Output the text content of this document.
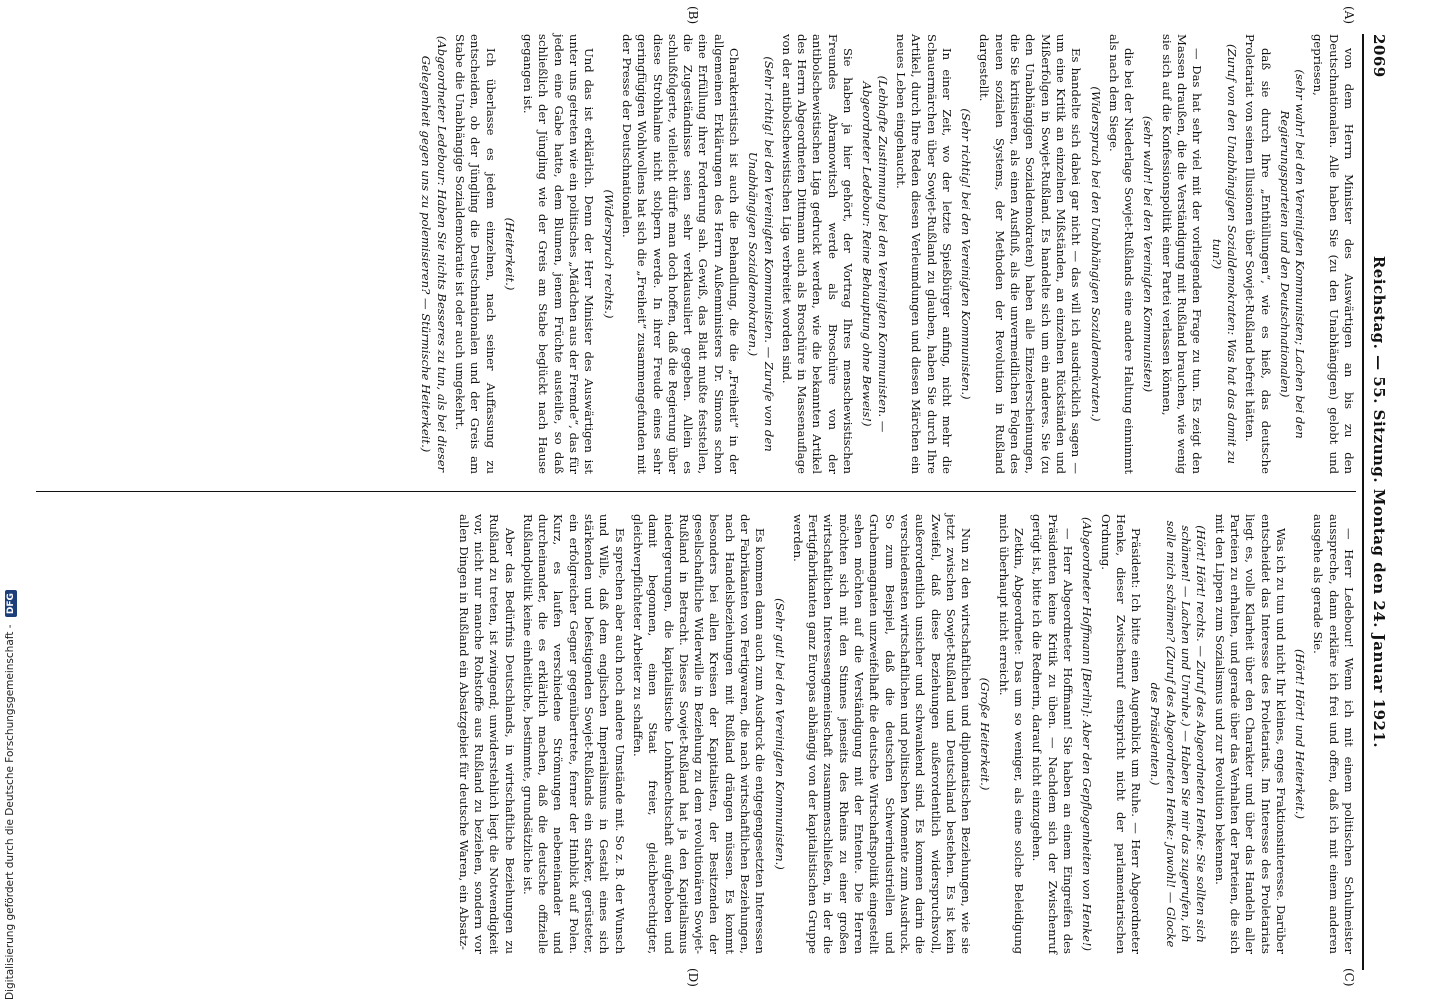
Reichstag. — 55. Sitzung. Montag den 24. Januar 1921.
2069
(A)
(B)
(C)
(D)

von dem Herrn Minister des Auswärtigen an bis zu den Deutschnationalen. Alle haben Sie (zu den Unabhängigen) gelobt und gepriesen,

(sehr wahr! bei den Vereinigten Kommunisten; Lachen bei den Regierungsparteien und den Deutschnationalen)

daß sie durch Ihre „Enthüllungen“, wie es hieß, das deutsche Proletariat von seinen Illusionen über Sowjet-Rußland befreit hätten.

(Zuruf von den Unabhängigen Sozialdemokraten: Was hat das damit zu tun?)

— Das hat sehr viel mit der vorliegenden Frage zu tun. Es zeigt den Massen draußen, die die Verständigung mit Rußland brauchen, wie wenig sie sich auf die Konfessionspolitik einer Partei verlassen können,

(sehr wahr! bei den Vereinigten Kommunisten)

die bei der Niederlage Sowjet-Rußlands eine andere Haltung einnimmt als nach dem Siege.

(Widerspruch bei den Unabhängigen Sozialdemokraten.)

Es handelte sich dabei gar nicht — das will ich ausdrücklich sagen — um eine Kritik an einzelnen Mißständen, an einzelnen Rückständen und Mißerfolgen in Sowjet-Rußland. Es handelte sich um ein anderes. Sie (zu den Unabhängigen Sozialdemokraten) haben alle Einzelerscheinungen, die Sie kritisieren, als einen Ausfluß, als die unvermeidlichen Folgen des neuen sozialen Systems, der Methoden der Revolution in Rußland dargestellt.

(Sehr richtig! bei den Vereinigten Kommunisten.)

In einer Zeit, wo der letzte Spießbürger anfing, nicht mehr die Schauermärchen über Sowjet-Rußland zu glauben, haben Sie durch Ihre Artikel, durch Ihre Reden diesen Verleumdungen und diesen Märchen ein neues Leben eingehaucht.

(Lebhafte Zustimmung bei den Vereinigten Kommunisten. — Abgeordneter Ledebour: Reine Behauptung ohne Beweis!)

Sie haben ja hier gehört, der Vortrag Ihres menschewistischen Freundes Abramowitsch werde als Broschüre von der antibolschewistischen Liga gedruckt werden, wie die bekannten Artikel des Herrn Abgeordneten Dittmann auch als Broschüre in Massenauflage von der antibolschewistischen Liga verbreitet worden sind.

(Sehr richtig! bei den Vereinigten Kommunisten. — Zurufe von den Unabhängigen Sozialdemokraten.)

Charakteristisch ist auch die Behandlung, die die „Freiheit“ in der allgemeinen Erklärungen des Herrn Außenministers Dr. Simons schon eine Erfüllung ihrer Forderung sah. Gewiß, das Blatt mußte feststellen, die Zugeständnisse seien sehr verklausuliert gegeben. Allein es schlußfolgerte, vielleicht dürfe man doch hoffen, daß die Regierung über diese Strohhalme nicht stolpern werde. In ihrer Freude eines sehr geringfügigen Wohlwollens hat sich die „Freiheit“ zusammengefunden mit der Presse der Deutschnationalen.

(Widerspruch rechts.)

Und das ist erklärlich. Denn der Herr Minister des Auswärtigen ist unter uns getreten wie ein politisches „Mädchen aus der Fremde“, das für jeden eine Gabe hatte, dem Blumen, jenem Früchte austeilte, so daß schließlich der Jüngling wie der Greis am Stabe beglückt nach Hause gegangen ist.

(Heiterkeit.)

Ich überlasse es jedem einzelnen, nach seiner Auffassung zu entscheiden, ob der Jüngling die Deutschnationalen und der Greis am Stabe die Unabhängige Sozialdemokratie ist oder auch umgekehrt.

(Abgeordneter Ledebour: Haben Sie nichts Besseres zu tun, als bei dieser Gelegenheit gegen uns zu polemisieren? — Stürmische Heiterkeit.)

— Herr Ledebour! Wenn ich mit einem politischen Schulmeister ausspreche, dann erkläre ich frei und offen, daß ich mit einem anderen ausgehe als gerade Sie.

(Hört! Hört! und Heiterkeit.)

Was ich zu tun und nicht Ihr kleines, enges Fraktionsinteresse. Darüber entscheidet das Interesse des Proletariats. Im Interesse des Proletariats liegt es, volle Klarheit über den Charakter und über das Handeln aller Parteien zu erhalten, und gerade über das Verhalten der Parteien, die sich mit den Lippen zum Sozialismus und zur Revolution bekennen.

(Hört! Hört! rechts. — Zuruf des Abgeordneten Henke: Sie sollten sich schämen! — Lachen und Unruhe.) — Haben Sie mir das zugerufen, ich solle mich schämen? (Zuruf des Abgeordneten Henke: Jawohl! — Glocke des Präsidenten.)

Präsident: Ich bitte einen Augenblick um Ruhe. — Herr Abgeordneter Henke, dieser Zwischenruf entspricht nicht der parlamentarischen Ordnung.

(Abgeordneter Hoffmann [Berlin]: Aber den Gepflogenheiten von Henke!)

— Herr Abgeordneter Hoffmann! Sie haben an einem Eingreifen des Präsidenten keine Kritik zu üben. — Nachdem sich der Zwischenruf gerügt ist, bitte ich die Rednerin, darauf nicht einzugehen.

Zetkin, Abgeordnete: Das um so weniger, als eine solche Beleidigung mich überhaupt nicht erreicht.

(Große Heiterkeit.)

Nun zu den wirtschaftlichen und diplomatischen Beziehungen, wie sie jetzt zwischen Sowjet-Rußland und Deutschland bestehen. Es ist kein Zweifel, daß diese Beziehungen außerordentlich widerspruchsvoll, außerordentlich unsicher und schwankend sind. Es kommen darin die verschiedensten wirtschaftlichen und politischen Momente zum Ausdruck. So zum Beispiel, daß die deutschen Schwerindustriellen und Grubenmagnaten unzweifelhaft die deutsche Wirtschaftspolitik eingestellt sehen möchten auf die Verständigung mit der Entente. Die Herren möchten sich mit den Stinnes jenseits des Rheins zu einer großen wirtschaftlichen Interessengemeinschaft zusammenschließen, in der die Fertigfabrikanten ganz Europas abhängig von der kapitalistischen Gruppe werden.

(Sehr gut! bei den Vereinigten Kommunisten.)

Es kommen dann auch zum Ausdruck die entgegengesetzten Interessen der Fabrikanten von Fertigwaren, die nach wirtschaftlichen Beziehungen, nach Handelsbeziehungen mit Rußland drängen müssen. Es kommt besonders bei allen Kreisen der Kapitalisten, der Besitzenden der gesellschaftliche Widerwille in Beziehung zu dem revolutionären Sowjet-Rußland in Betracht. Dieses Sowjet-Rußland hat ja den Kapitalismus niedergerungen, die kapitalistische Lohnknechtschaft aufgehoben und damit begonnen, einen Staat freier, gleichberechtigter, gleichverpflichteter Arbeiter zu schaffen.

Es sprechen aber auch noch andere Umstände mit. So z. B. der Wunsch und Wille, daß dem englischen Imperialismus in Gestalt eines sich stärkenden und befestigenden Sowjet-Rußlands ein starker, gerüsteter, ein erfolgreicher Gegner gegenübertrete, ferner der Hinblick auf Polen. Kurz, es laufen verschiedene Strömungen nebeneinander und durcheinander, die es erklärlich machen, daß die deutsche offizielle Rußlandpolitik keine einheitliche, bestimmte, grundsätzliche ist.

Aber das Bedürfnis Deutschlands, in wirtschaftliche Beziehungen zu Rußland zu treten, ist zwingend; unwiderstehlich liegt die Notwendigkeit vor, nicht nur manche Rohstoffe aus Rußland zu beziehen, sondern vor allen Dingen in Rußland ein Absatzgebiet für deutsche Waren, ein Absatz-

Digitalisierung gefördert durch die Deutsche Forschungsgemeinschaft - DFG
